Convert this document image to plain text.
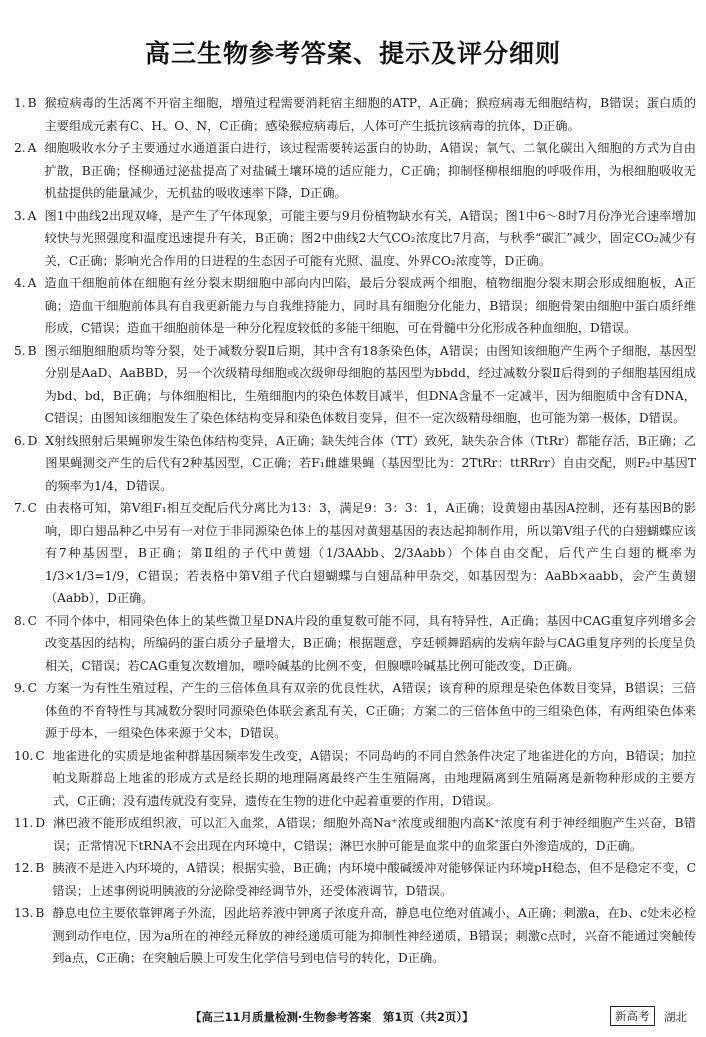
高三生物参考答案、提示及评分细则
1. B 猴痘病毒的生活离不开宿主细胞，增殖过程需要消耗宿主细胞的ATP，A正确；猴痘病毒无细胞结构，B错误；蛋白质的主要组成元素有C、H、O、N，C正确；感染猴痘病毒后，人体可产生抵抗该病毒的抗体，D正确。
2. A 细胞吸收水分子主要通过水通道蛋白进行，该过程需要转运蛋白的协助，A错误；氧气、二氧化碳出入细胞的方式为自由扩散，B正确；怪柳通过泌盐提高了对盐碱土壤环境的适应能力，C正确；抑制怪柳根细胞的呼吸作用，为根细胞吸收无机盐提供的能量减少，无机盐的吸收速率下降，D正确。
3. A 图1中曲线2出现双峰，是产生了午体现象，可能主要与9月份植物缺水有关，A错误；图1中6～8时7月份净光合速率增加较快与光照强度和温度迅速提升有关，B正确；图2中曲线2大气CO₂浓度比7月高，与秋季“碳汇”减少，固定CO₂减少有关，C正确；影响光合作用的日进程的生态因子可能有光照、温度、外界CO₂浓度等，D正确。
4. A 造血干细胞前体在细胞有丝分裂末期细胞中部向内凹陷，最后分裂成两个细胞，植物细胞分裂末期会形成细胞板，A正确；造血干细胞前体具有自我更新能力与自我维持能力，同时具有细胞分化能力，B错误；细胞骨架由细胞中蛋白质纤维形成，C错误；造血干细胞前体是一种分化程度较低的多能干细胞，可在骨髓中分化形成各种血细胞，D错误。
5. B 图示细胞细胞质均等分裂，处于减数分裂Ⅱ后期，其中含有18条染色体，A错误；由图知该细胞产生两个子细胞，基因型分别是AaD、AaBBD，另一个次级精母细胞或次级卵母细胞的基因型为bbdd，经过减数分裂Ⅱ后得到的子细胞基因组成为bd、bd，B正确；与体细胞相比，生殖细胞内的染色体数目减半，但DNA含量不一定减半，因为细胞质中含有DNA，C错误；由图知该细胞发生了染色体结构变异和染色体数目变异，但不一定次级精母细胞，也可能为第一极体，D错误。
6. D X射线照射后果蝇卵发生染色体结构变异，A正确；缺失纯合体（TT）致死，缺失杂合体（TtRr）都能存活，B正确；乙图果蝇测交产生的后代有2种基因型，C正确；若F₁雌雄果蝇（基因型比为：2TtRr：ttRRrr）自由交配，则F₂中基因T的频率为1/4，D错误。
7. C 由表格可知，第Ⅴ组F₁相互交配后代分离比为13：3，满足9：3：3：1，A正确；设黄翅由基因A控制，还有基因B的影响，即白翅品种乙中另有一对位于非同源染色体上的基因对黄翅基因的表达起抑制作用，所以第Ⅴ组子代的白翅蝴蝶应该有7种基因型，B正确；第Ⅱ组的子代中黄翅（1/3AAbb、2/3Aabb）个体自由交配，后代产生白翅的概率为1/3×1/3=1/9，C错误；若表格中第Ⅴ组子代白翅蝴蝶与白翅品种甲杂交，如基因型为：AaBb×aabb，会产生黄翅（Aabb），D正确。
8. C 不同个体中，相同染色体上的某些微卫星DNA片段的重复数可能不同，具有特异性，A正确；基因中CAG重复序列增多会改变基因的结构，所编码的蛋白质分子量增大，B正确；根据题意，亨廷顿舞蹈病的发病年龄与CAG重复序列的长度呈负相关，C错误；若CAG重复次数增加，嘌呤碱基的比例不变，但腺嘌呤碱基比例可能改变，D正确。
9. C 方案一为有性生殖过程，产生的三倍体鱼具有双亲的优良性状，A错误；该育种的原理是染色体数目变异，B错误；三倍体鱼的不育特性与其减数分裂时同源染色体联会紊乱有关，C正确；方案二的三倍体鱼中的三组染色体，有两组染色体来源于母本，一组染色体来源于父本，D错误。
10. C 地雀进化的实质是地雀种群基因频率发生改变，A错误；不同岛屿的不同自然条件决定了地雀进化的方向，B错误；加拉帕戈斯群岛上地雀的形成方式是经长期的地理隔离最终产生生殖隔离，由地理隔离到生殖隔离是新物种形成的主要方式，C正确；没有遗传就没有变异，遗传在生物的进化中起着重要的作用，D错误。
11. D 淋巴液不能形成组织液，可以汇入血浆，A错误；细胞外高Na⁺浓度或细胞内高K⁺浓度有利于神经细胞产生兴奋，B错误；正常情况下tRNA不会出现在内环境中，C错误；淋巴水肿可能是血浆中的血浆蛋白外渗造成的，D正确。
12. B 胰液不是进入内环境的，A错误；根据实验，B正确；内环境中酸碱缓冲对能够保证内环境pH稳态，但不是稳定不变，C错误；上述事例说明胰液的分泌除受神经调节外，还受体液调节，D错误。
13. B 静息电位主要依靠钾离子外流，因此培养液中钾离子浓度升高，静息电位绝对值减小，A正确；刺激a，在b、c处未必检测到动作电位，因为a所在的神经元释放的神经递质可能为抑制性神经递质，B错误；刺激c点时，兴奋不能通过突触传到a点，C正确；在突触后膜上可发生化学信号到电信号的转化，D正确。
【高三11月质量检测·生物参考答案　第1页（共2页）】	新高考	湖北
